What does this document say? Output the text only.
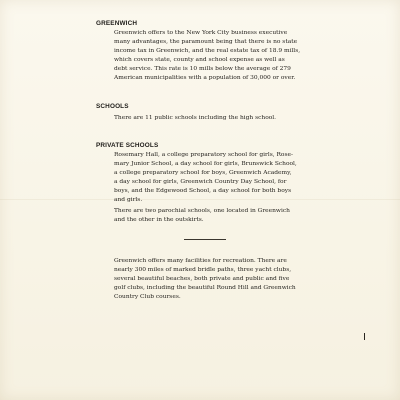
GREENWICH

Greenwich offers to the New York City business executive
many advantages, the paramount being that there is no state
income tax in Greenwich, and the real estate tax of 18.9 mills,
which covers state, county and school expense as well as
debt service. This rate is 10 mills below the average of 279
American municipalities with a population of 30,000 or over.

SCHOOLS

There are 11 public schools including the high school.

PRIVATE SCHOOLS

Rosemary Hall, a college preparatory school for girls, Rose-
mary Junior School, a day school for girls, Brunswick School,
a college preparatory school for boys, Greenwich Academy,
a day school for girls, Greenwich Country Day School, for
boys, and the Edgewood School, a day school for both boys
and girls.

There are two parochial schools, one located in Greenwich
and the other in the outskirts.

Greenwich offers many facilities for recreation. There are
nearly 300 miles of marked bridle paths, three yacht clubs,
several beautiful beaches, both private and public and five
golf clubs, including the beautiful Round Hill and Greenwich
Country Club courses.
